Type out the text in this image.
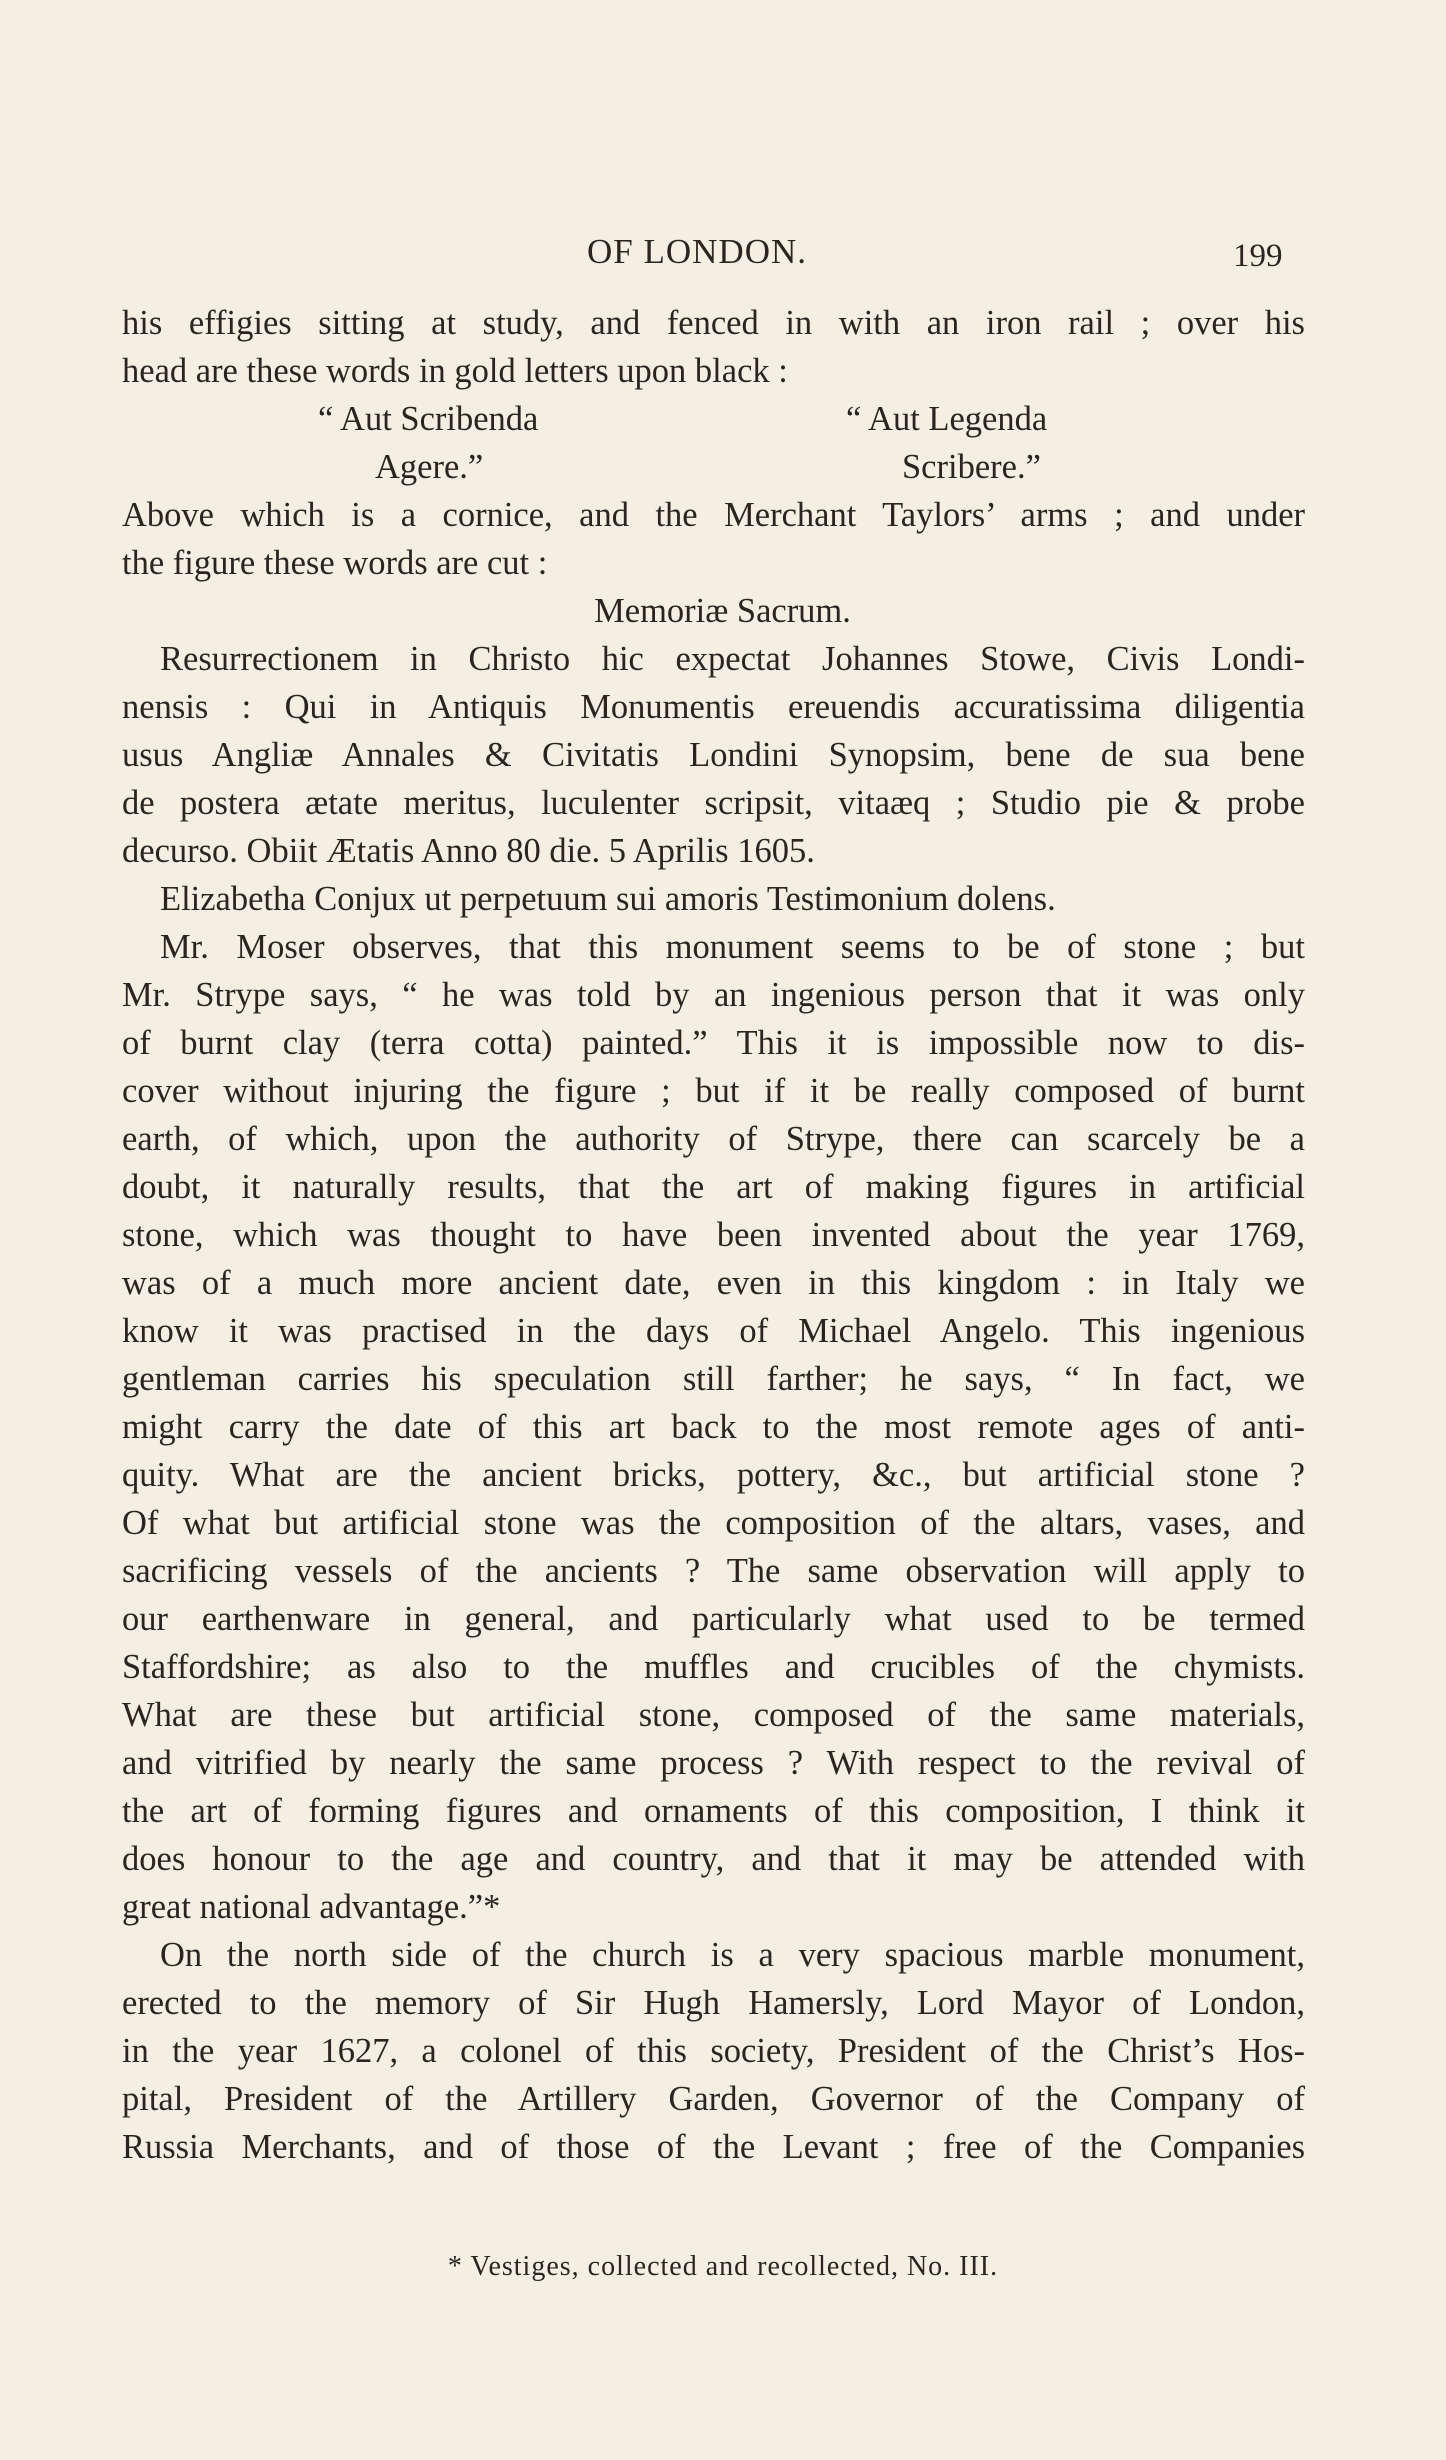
OF LONDON.	199
his effigies sitting at study, and fenced in with an iron rail ; over his
head are these words in gold letters upon black :
“ Aut Scribenda	“ Aut Legenda
Agere.”	Scribere.”
Above which is a cornice, and the Merchant Taylors’ arms ; and under
the figure these words are cut :
Memoriæ Sacrum.
Resurrectionem in Christo hic expectat Johannes Stowe, Civis Londi-
nensis : Qui in Antiquis Monumentis ereuendis accuratissima diligentia
usus Angliæ Annales & Civitatis Londini Synopsim, bene de sua bene
de postera ætate meritus, luculenter scripsit, vitaæq ; Studio pie & probe
decurso. Obiit Ætatis Anno 80 die. 5 Aprilis 1605.
Elizabetha Conjux ut perpetuum sui amoris Testimonium dolens.
Mr. Moser observes, that this monument seems to be of stone ; but
Mr. Strype says, “ he was told by an ingenious person that it was only
of burnt clay (terra cotta) painted.” This it is impossible now to dis-
cover without injuring the figure ; but if it be really composed of burnt
earth, of which, upon the authority of Strype, there can scarcely be a
doubt, it naturally results, that the art of making figures in artificial
stone, which was thought to have been invented about the year 1769,
was of a much more ancient date, even in this kingdom : in Italy we
know it was practised in the days of Michael Angelo. This ingenious
gentleman carries his speculation still farther; he says, “ In fact, we
might carry the date of this art back to the most remote ages of anti-
quity. What are the ancient bricks, pottery, &c., but artificial stone ?
Of what but artificial stone was the composition of the altars, vases, and
sacrificing vessels of the ancients ? The same observation will apply to
our earthenware in general, and particularly what used to be termed
Staffordshire; as also to the muffles and crucibles of the chymists.
What are these but artificial stone, composed of the same materials,
and vitrified by nearly the same process ? With respect to the revival of
the art of forming figures and ornaments of this composition, I think it
does honour to the age and country, and that it may be attended with
great national advantage.”*
On the north side of the church is a very spacious marble monument,
erected to the memory of Sir Hugh Hamersly, Lord Mayor of London,
in the year 1627, a colonel of this society, President of the Christ’s Hos-
pital, President of the Artillery Garden, Governor of the Company of
Russia Merchants, and of those of the Levant ; free of the Companies
* Vestiges, collected and recollected, No. III.
